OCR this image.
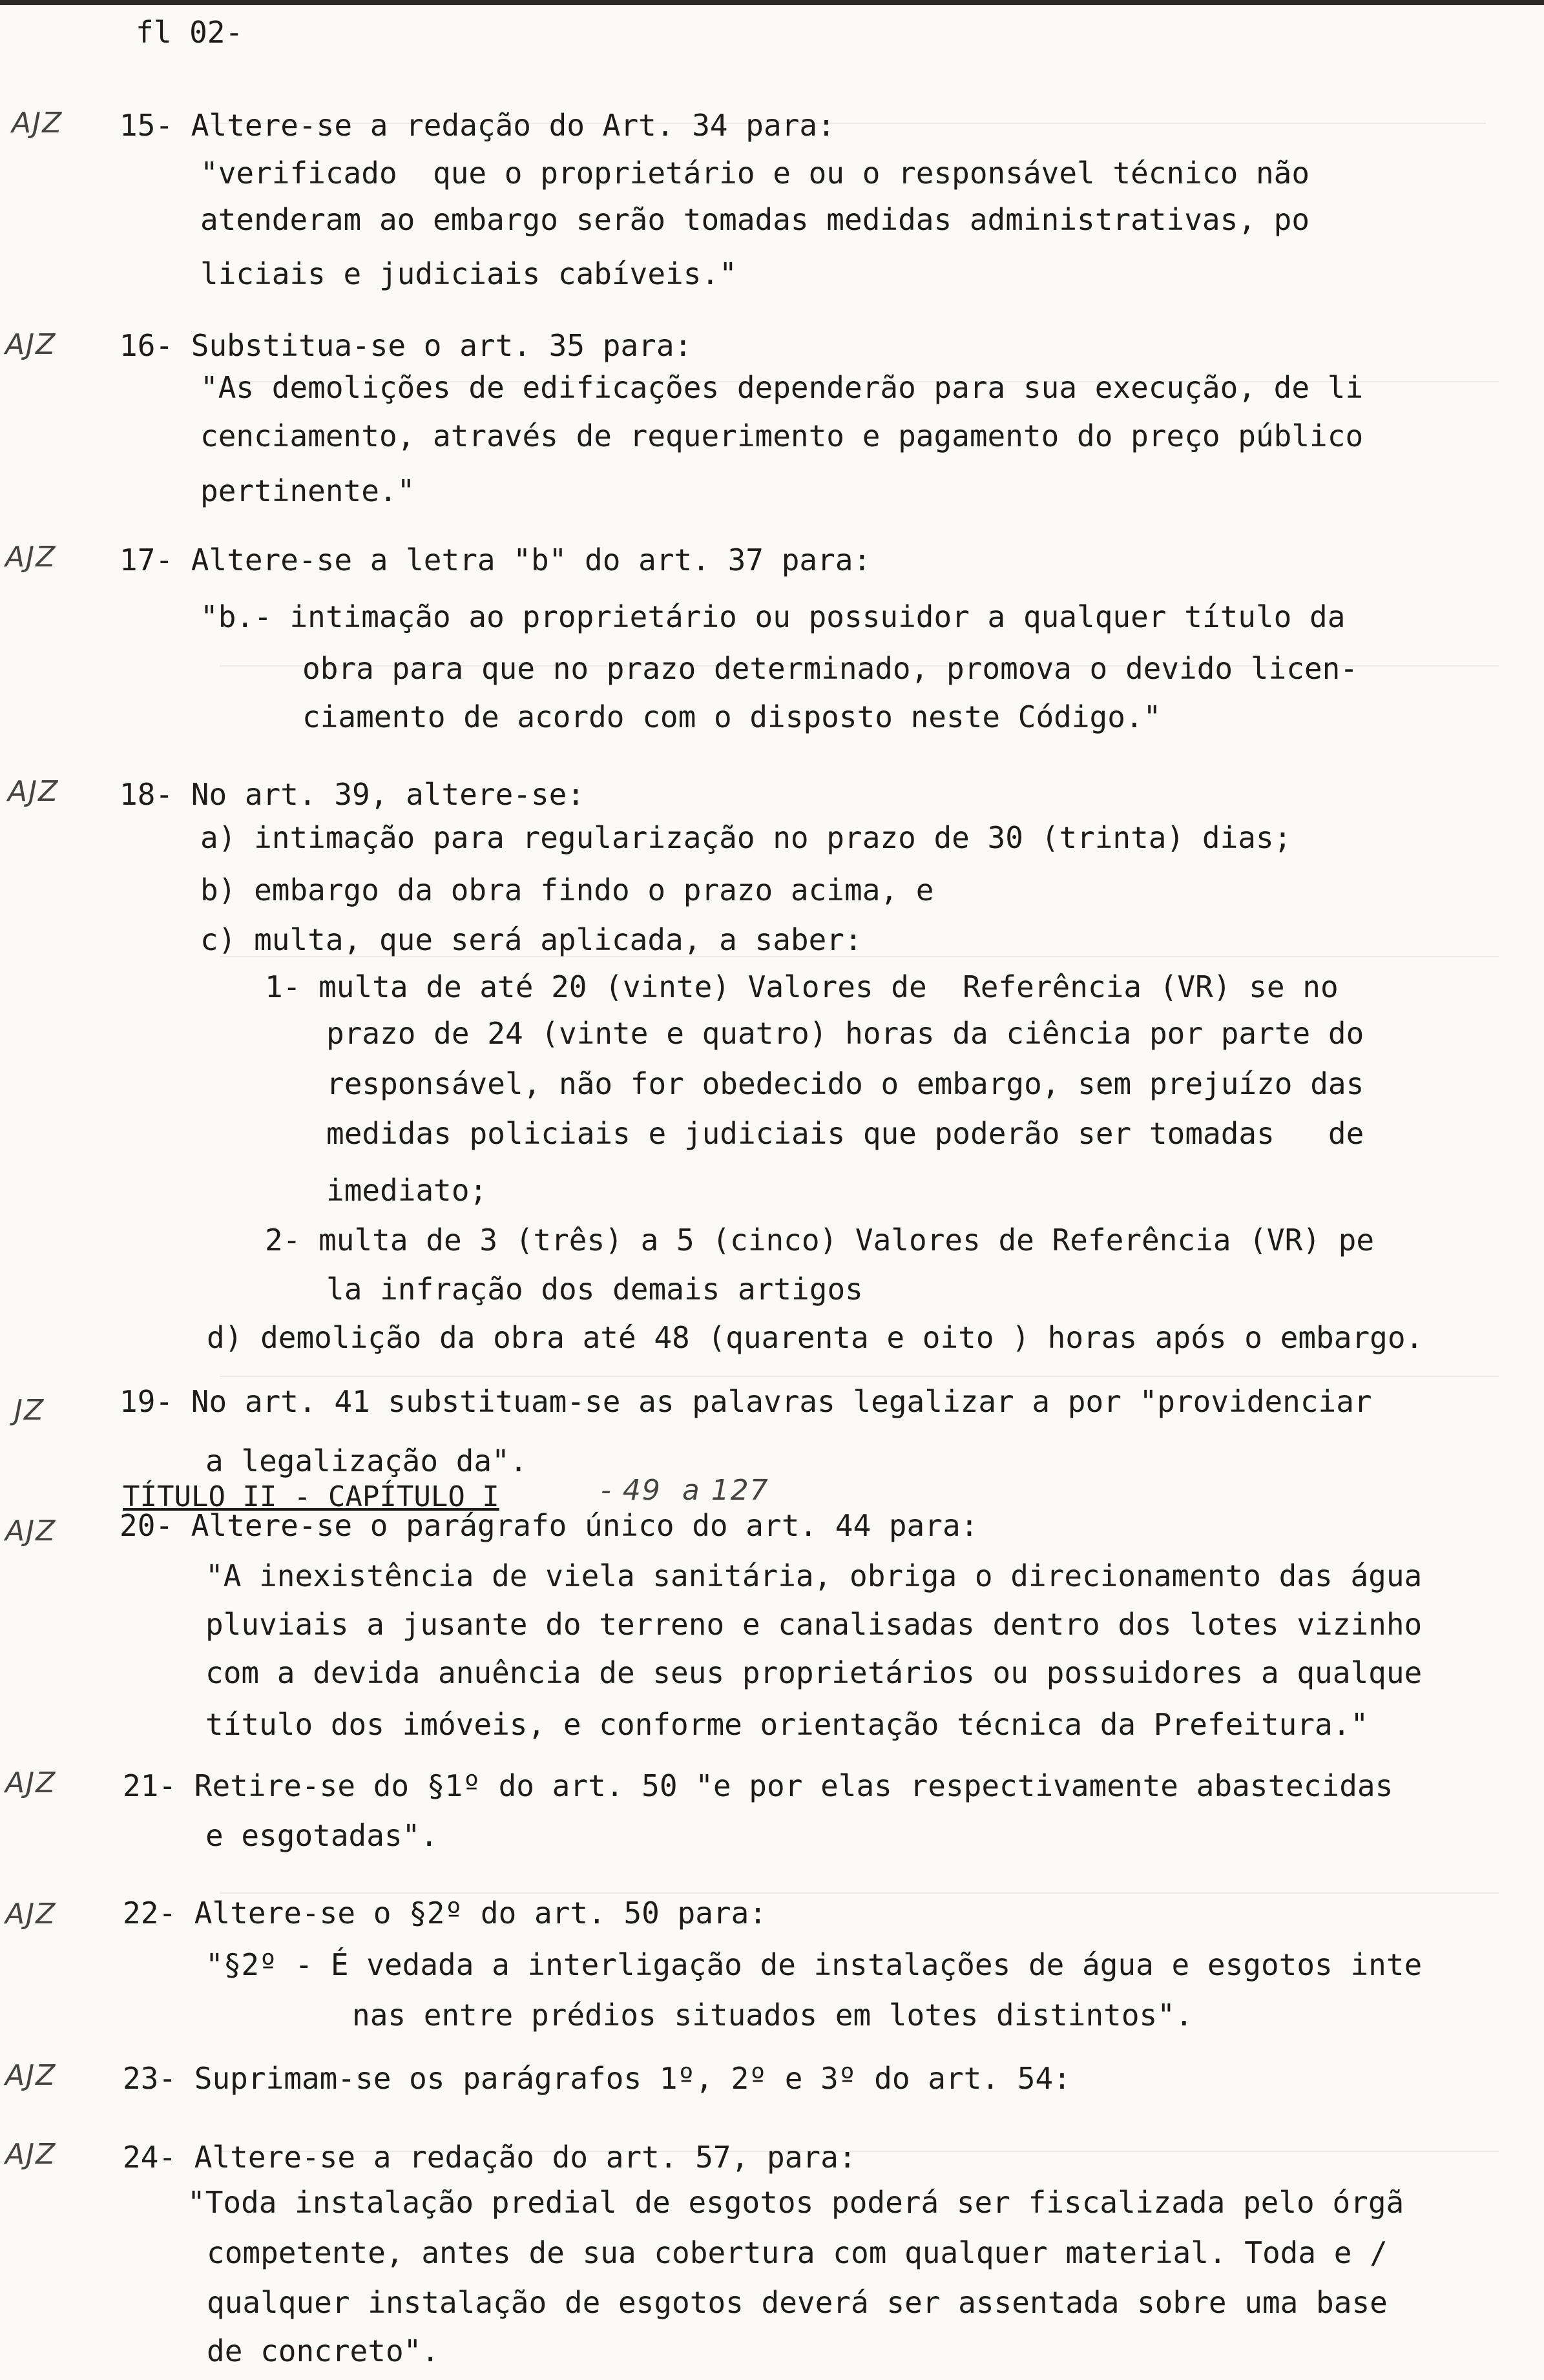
fl 02-
AJZ
AJZ
AJZ
AJZ
JZ
AJZ
AJZ
AJZ
AJZ
AJZ
15- Altere-se a redação do Art. 34 para:
"verificado  que o proprietário e ou o responsável técnico não
atenderam ao embargo serão tomadas medidas administrativas, po
liciais e judiciais cabíveis."
16- Substitua-se o art. 35 para:
"As demolições de edificações dependerão para sua execução, de li
cenciamento, através de requerimento e pagamento do preço público
pertinente."
17- Altere-se a letra "b" do art. 37 para:
"b.- intimação ao proprietário ou possuidor a qualquer título da
obra para que no prazo determinado, promova o devido licen-
ciamento de acordo com o disposto neste Código."
18- No art. 39, altere-se:
a) intimação para regularização no prazo de 30 (trinta) dias;
b) embargo da obra findo o prazo acima, e
c) multa, que será aplicada, a saber:
1- multa de até 20 (vinte) Valores de  Referência (VR) se no
prazo de 24 (vinte e quatro) horas da ciência por parte do
responsável, não for obedecido o embargo, sem prejuízo das
medidas policiais e judiciais que poderão ser tomadas   de
imediato;
2- multa de 3 (três) a 5 (cinco) Valores de Referência (VR) pe
la infração dos demais artigos
d) demolição da obra até 48 (quarenta e oito ) horas após o embargo.
19- No art. 41 substituam-se as palavras legalizar a por "providenciar
a legalização da".
TÍTULO II - CAPÍTULO I	- 49  a 127
20- Altere-se o parágrafo único do art. 44 para:
"A inexistência de viela sanitária, obriga o direcionamento das água
pluviais a jusante do terreno e canalisadas dentro dos lotes vizinho
com a devida anuência de seus proprietários ou possuidores a qualque
título dos imóveis, e conforme orientação técnica da Prefeitura."
21- Retire-se do §1º do art. 50 "e por elas respectivamente abastecidas
e esgotadas".
22- Altere-se o §2º do art. 50 para:
"§2º - É vedada a interligação de instalações de água e esgotos inte
nas entre prédios situados em lotes distintos".
23- Suprimam-se os parágrafos 1º, 2º e 3º do art. 54:
24- Altere-se a redação do art. 57, para:
"Toda instalação predial de esgotos poderá ser fiscalizada pelo órgã
competente, antes de sua cobertura com qualquer material. Toda e /
qualquer instalação de esgotos deverá ser assentada sobre uma base
de concreto".
